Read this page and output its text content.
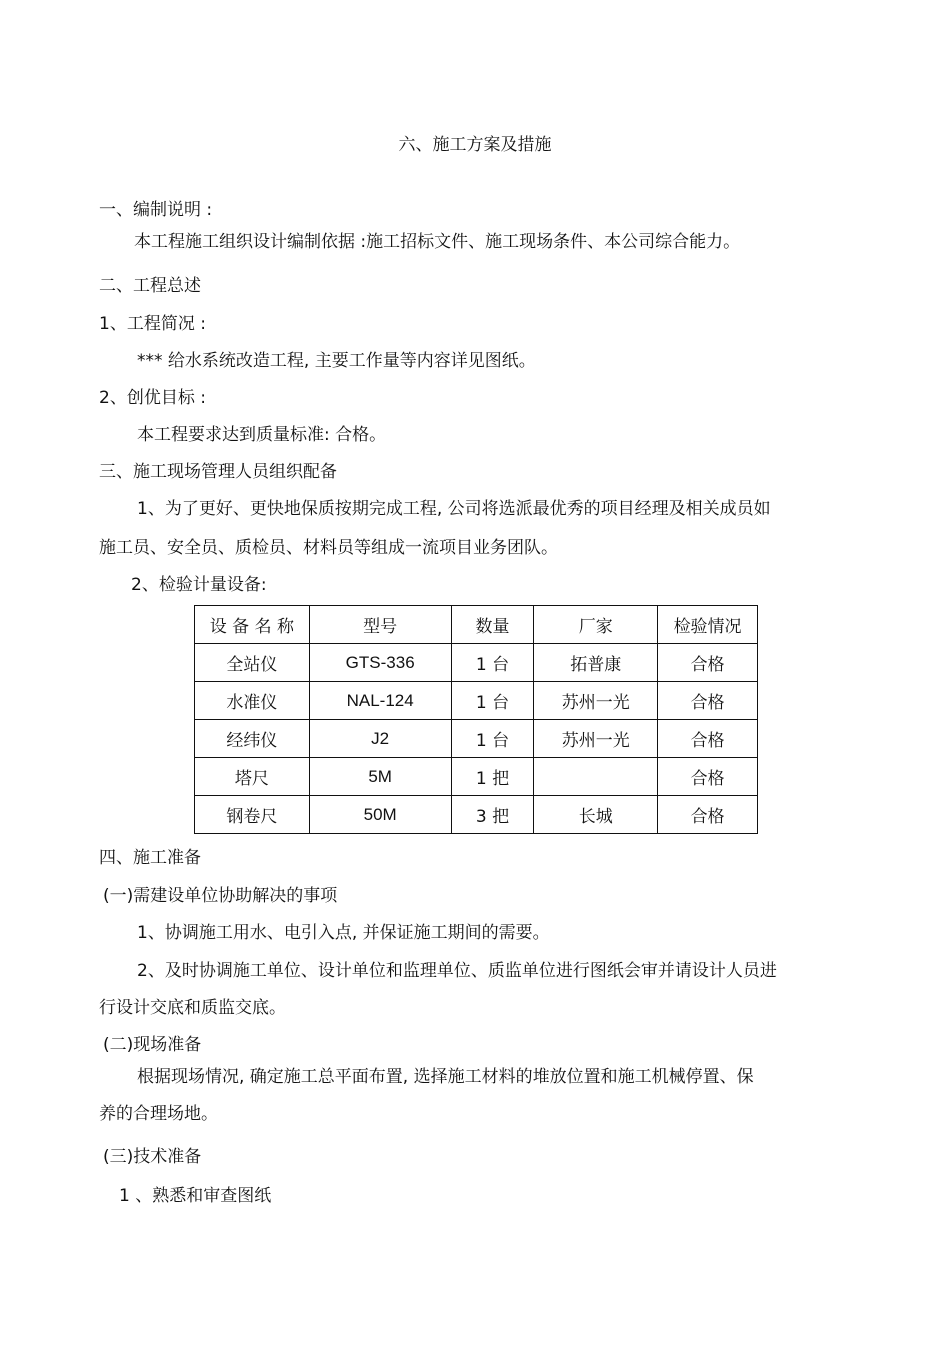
六、施工方案及措施
一、编制说明 :
本工程施工组织设计编制依据 :施工招标文件、施工现场条件、本公司综合能力。
二、工程总述
1、工程简况 :
*** 给水系统改造工程, 主要工作量等内容详见图纸。
2、创优目标 :
本工程要求达到质量标准: 合格。
三、施工现场管理人员组织配备
1、为了更好、更快地保质按期完成工程, 公司将选派最优秀的项目经理及相关成员如
施工员、安全员、质检员、材料员等组成一流项目业务团队。
2、检验计量设备:
设 备 名 称	型号	数量	厂家	检验情况
全站仪	GTS-336	1 台	拓普康	合格
水准仪	NAL-124	1 台	苏州一光	合格
经纬仪	J2	1 台	苏州一光	合格
塔尺	5M	1 把		合格
钢卷尺	50M	3 把	长城	合格
四、施工准备
(一)需建设单位协助解决的事项
1、协调施工用水、电引入点, 并保证施工期间的需要。
2、及时协调施工单位、设计单位和监理单位、质监单位进行图纸会审并请设计人员进
行设计交底和质监交底。
(二)现场准备
根据现场情况, 确定施工总平面布置, 选择施工材料的堆放位置和施工机械停置、保
养的合理场地。
(三)技术准备
1 、熟悉和审查图纸
